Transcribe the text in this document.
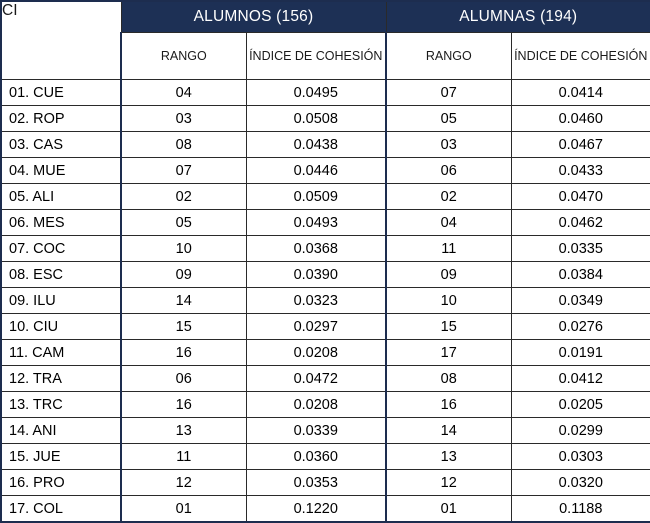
CI	ALUMNOS (156)		ALUMNAS (194)	
	RANGO	ÍNDICE DE COHESIÓN	RANGO	ÍNDICE DE COHESIÓN
01. CUE	04	0.0495	07	0.0414
02. ROP	03	0.0508	05	0.0460
03. CAS	08	0.0438	03	0.0467
04. MUE	07	0.0446	06	0.0433
05. ALI	02	0.0509	02	0.0470
06. MES	05	0.0493	04	0.0462
07. COC	10	0.0368	11	0.0335
08. ESC	09	0.0390	09	0.0384
09. ILU	14	0.0323	10	0.0349
10. CIU	15	0.0297	15	0.0276
11. CAM	16	0.0208	17	0.0191
12. TRA	06	0.0472	08	0.0412
13. TRC	16	0.0208	16	0.0205
14. ANI	13	0.0339	14	0.0299
15. JUE	11	0.0360	13	0.0303
16. PRO	12	0.0353	12	0.0320
17. COL	01	0.1220	01	0.1188
